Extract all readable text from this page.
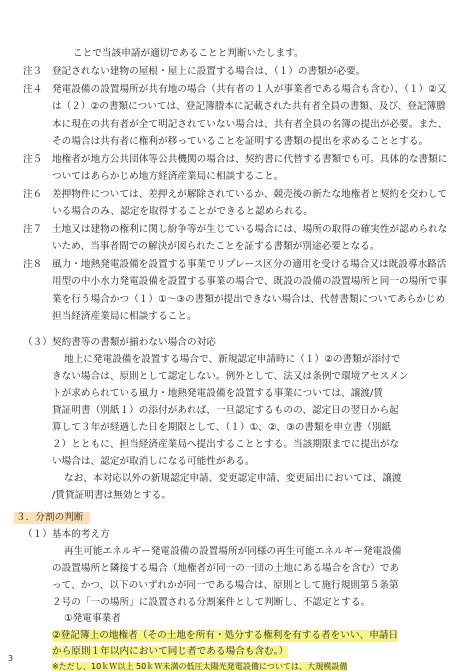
ことで当該申請が適切であることと判断いたします。
注３ 登記されない建物の屋根・屋上に設置する場合は、（１）の書類が必要。
注４ 発電設備の設置場所が共有地の場合（共有者の１人が事業者である場合も含む）、（１）②又
は（２）②の書類については、登記簿謄本に記載された共有者全員の書類、及び、登記簿謄
本に現在の共有者が全て明記されていない場合は、共有者全員の名簿の提出が必要。また、
その場合は共有者に権利が移っていることを証明する書類の提出を求めることとする。
注５ 地権者が地方公共団体等公共機関の場合は、契約書に代替する書類でも可。具体的な書類に
ついてはあらかじめ地方経済産業局に相談すること。
注６ 差押物件については、差押えが解除されているか、競売後の新たな地権者と契約を交わして
いる場合のみ、認定を取得することができると認められる。
注７ 土地又は建物の権利に関し紛争等が生じている場合には、場所の取得の確実性が認められな
いため、当事者間での解決が図られたことを証する書類が別途必要となる。
注８ 風力・地熱発電設備を設置する事業でリプレース区分の適用を受ける場合又は既設導水路活
用型の中小水力発電設備を設置する事業の場合で、既設の設備の設置場所と同一の場所で事
業を行う場合かつ（１）①～③の書類が提出できない場合は、代替書類についてあらかじめ
担当経済産業局に相談すること。
（３）契約書等の書類が揃わない場合の対応
地上に発電設備を設置する場合で、新規認定申請時に（１）②の書類が添付で
きない場合は、原則として認定しない。例外として、法又は条例で環境アセスメン
トが求められている風力・地熱発電設備を設置する事業については、譲渡/賃
貸証明書（別紙１）の添付があれば、一旦認定するものの、認定日の翌日から起
算して３年が経過した日を期限として、（１）①、②、③の書類を申立書（別紙
２）とともに、担当経済産業局へ提出することとする。当該期限までに提出がな
い場合は、認定が取消しになる可能性がある。
なお、本対応以外の新規認定申請、変更認定申請、変更届出においては、譲渡
/賃貸証明書は無効とする。
３．分割の判断
（１）基本的考え方
再生可能エネルギー発電設備の設置場所が同様の再生可能エネルギー発電設備
の設置場所と隣接する場合（地権者が同一の一団の土地にある場合を含む）であ
って、かつ、以下のいずれかが同一である場合は、原則として施行規則第５条第
２号の「一の場所」に設置される分割案件として判断し、不認定とする。
①発電事業者
②登記簿上の地権者（その土地を所有・処分する権利を有する者をいい、申請日
から原則１年以内において同じ者である場合も含む。）
※ただし、10ｋＷ以上 50ｋＷ未満の低圧太陽光発電設備については、大規模設備
3
